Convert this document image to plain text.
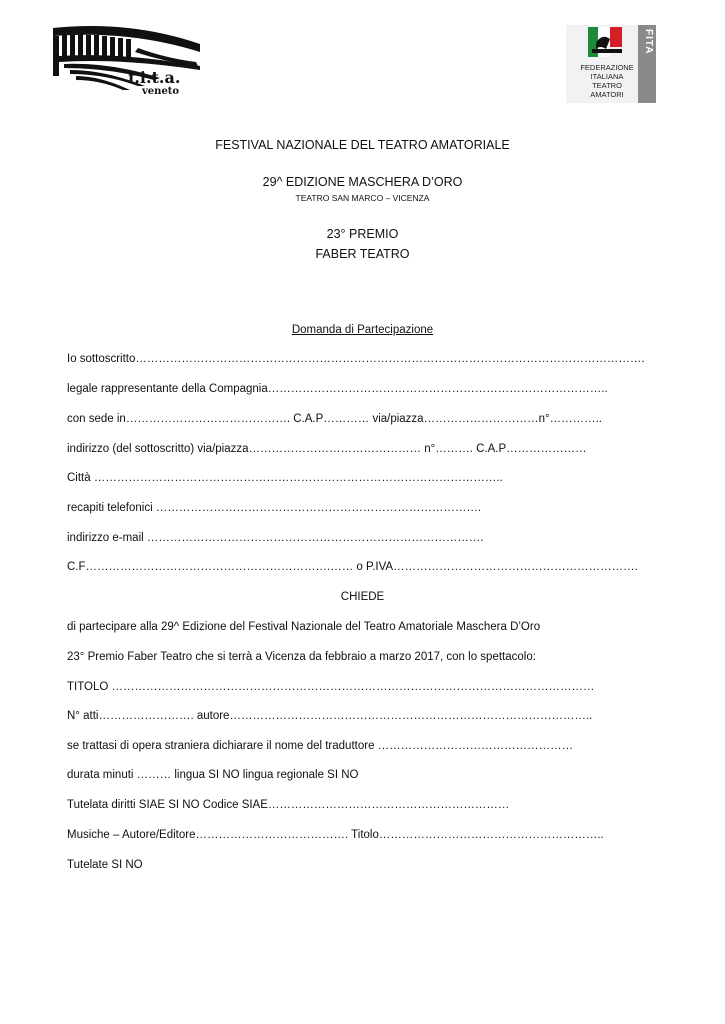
f.i.t.a.
veneto
FEDERAZIONE
ITALIANA
TEATRO
AMATORI
FITA
FESTIVAL NAZIONALE DEL TEATRO AMATORIALE
29^ EDIZIONE MASCHERA D’ORO
TEATRO SAN MARCO – VICENZA
23° PREMIO
FABER TEATRO
Domanda di Partecipazione
Io sottoscritto…………………………………………………………………………………………………………………….
legale rappresentante della Compagnia……………………………………………………………………………..
con sede in……………………………………. C.A.P………… via/piazza…………………………n°…………..
indirizzo (del sottoscritto) via/piazza……………………………………… n°………. C.A.P…………………
Città ……………………………………………………………………………………………..
recapiti telefonici ………………………………………………………………………….
indirizzo e-mail …………………………………………………………………………….
C.F……………………………………………………….…… o P.IVA……………………………………………………….
CHIEDE
di partecipare alla 29^ Edizione del Festival Nazionale del Teatro Amatoriale Maschera D’Oro
23° Premio Faber Teatro che si terrà a Vicenza da febbraio a marzo 2017, con lo spettacolo:
TITOLO ………………………………………………………………………………………………………………
N° atti……………………. autore…………………………………………………………………………………..
se trattasi di opera straniera dichiarare il nome del traduttore ……………………………………………
durata minuti ……… lingua SI NO lingua regionale SI NO
Tutelata diritti SIAE SI NO Codice SIAE………………………………………………………
Musiche – Autore/Editore…………………………………. Titolo…………………………………………………..
Tutelate SI NO
